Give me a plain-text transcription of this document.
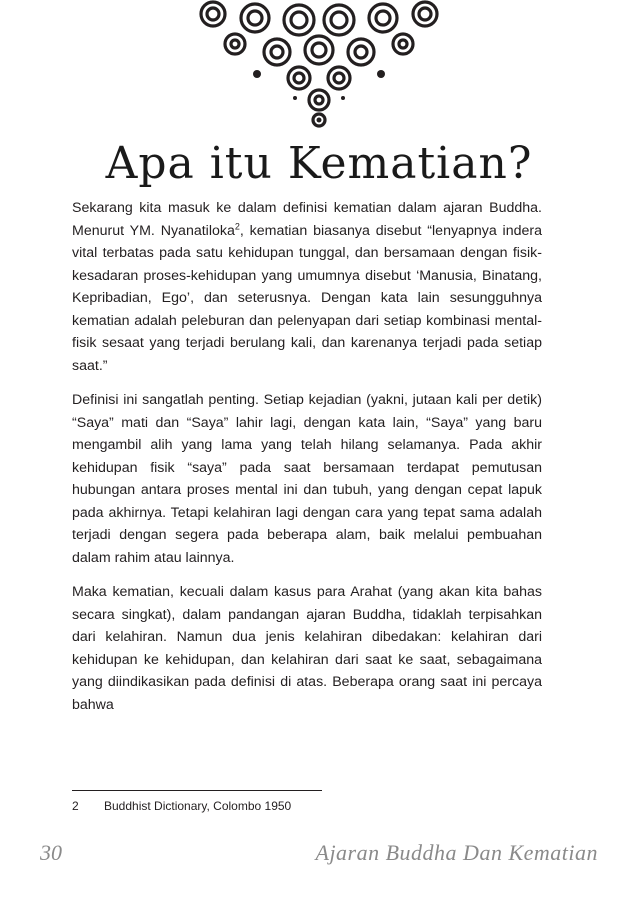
Apa itu Kematian?

Sekarang kita masuk ke dalam definisi kematian dalam ajaran Buddha. Menurut YM. Nyanatiloka$^2$, kematian biasanya disebut “lenyapnya indera vital terbatas pada satu kehidupan tunggal, dan bersamaan dengan fisik-kesadaran proses-kehidupan yang umumnya disebut ‘Manusia, Binatang, Kepribadian, Ego’, dan seterusnya. Dengan kata lain sesungguhnya kematian adalah peleburan dan pelenyapan dari setiap kombinasi mental-fisik sesaat yang terjadi berulang kali, dan karenanya terjadi pada setiap saat.”

Definisi ini sangatlah penting. Setiap kejadian (yakni, jutaan kali per detik) “Saya” mati dan “Saya” lahir lagi, dengan kata lain, “Saya” yang baru mengambil alih yang lama yang telah hilang selamanya. Pada akhir kehidupan fisik “saya” pada saat bersamaan terdapat pemutusan hubungan antara proses mental ini dan tubuh, yang dengan cepat lapuk pada akhirnya. Tetapi kelahiran lagi dengan cara yang tepat sama adalah terjadi dengan segera pada beberapa alam, baik melalui pembuahan dalam rahim atau lainnya.

Maka kematian, kecuali dalam kasus para Arahat (yang akan kita bahas secara singkat), dalam pandangan ajaran Buddha, tidaklah terpisahkan dari kelahiran. Namun dua jenis kelahiran dibedakan: kelahiran dari kehidupan ke kehidupan, dan kelahiran dari saat ke saat, sebagaimana yang diindikasikan pada definisi di atas. Beberapa orang saat ini percaya bahwa

2 Buddhist Dictionary, Colombo 1950
30	Ajaran Buddha Dan Kematian
